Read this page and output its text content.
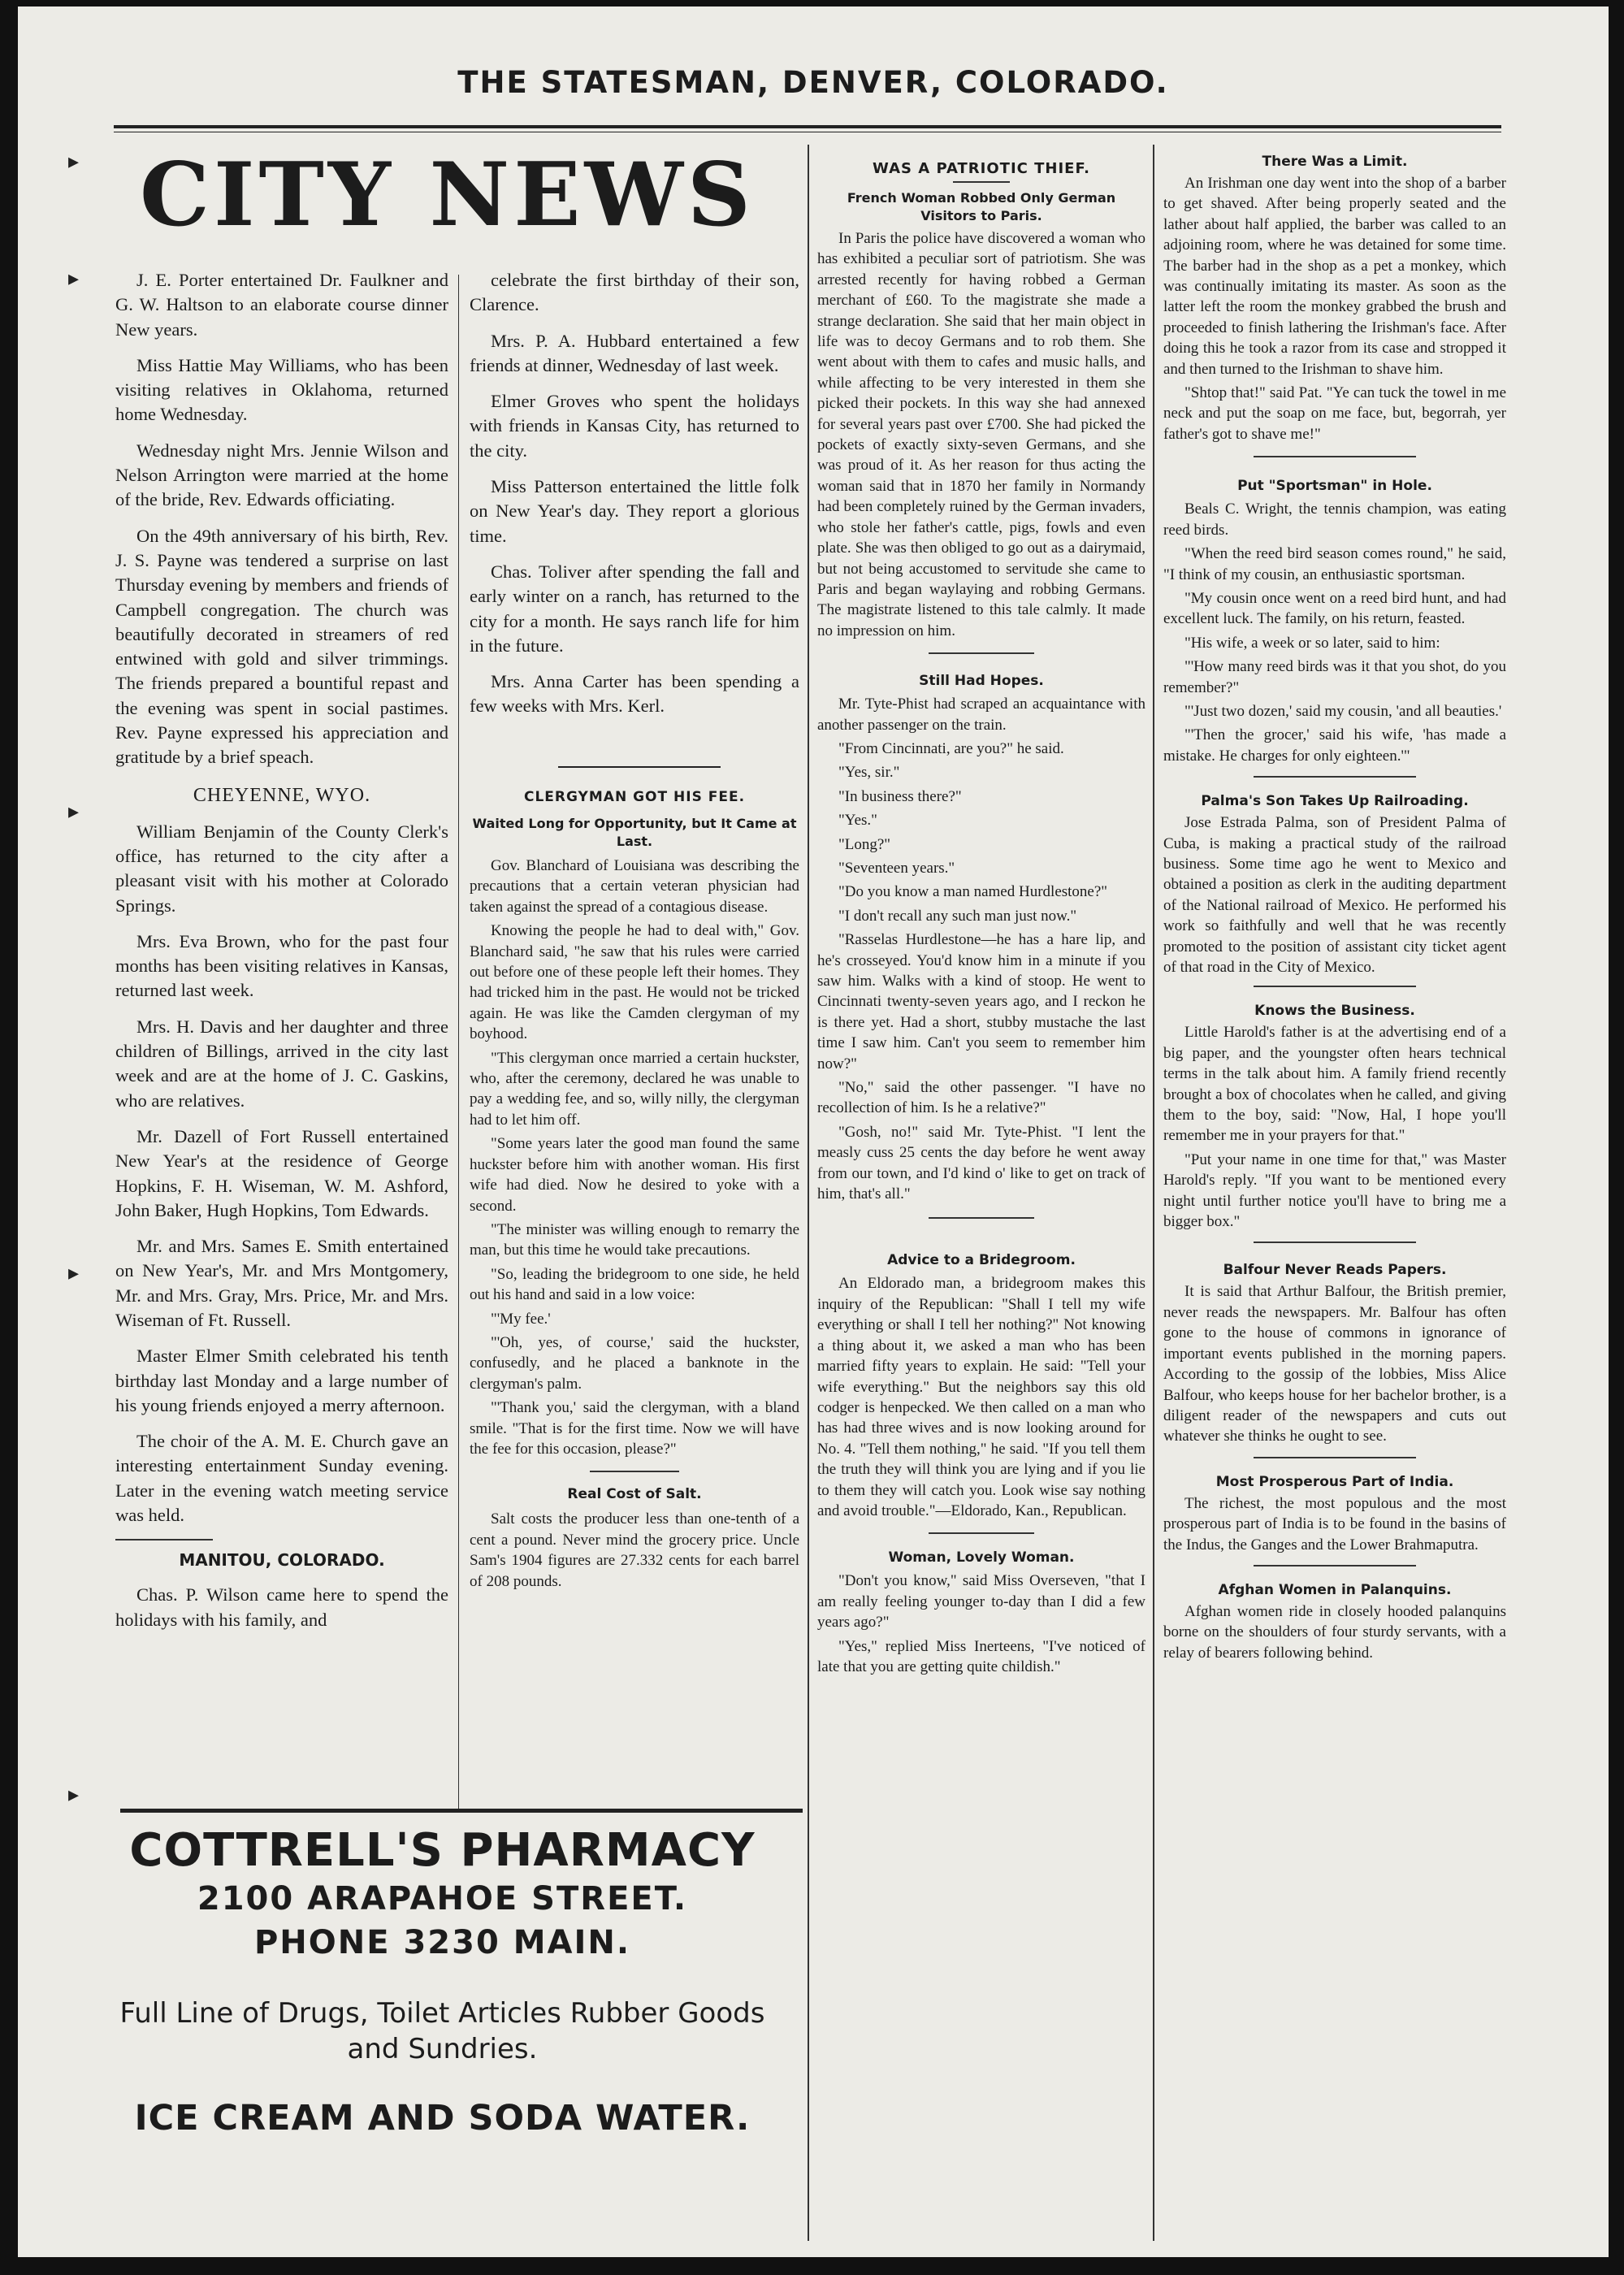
THE STATESMAN, DENVER, COLORADO.
CITY NEWS

J. E. Porter entertained Dr. Faulkner and G. W. Haltson to an elaborate course dinner New years.

Miss Hattie May Williams, who has been visiting relatives in Oklahoma, returned home Wednesday.

Wednesday night Mrs. Jennie Wilson and Nelson Arrington were married at the home of the bride, Rev. Edwards officiating.

On the 49th anniversary of his birth, Rev. J. S. Payne was tendered a surprise on last Thursday evening by members and friends of Campbell congregation. The church was beautifully decorated in streamers of red entwined with gold and silver trimmings. The friends prepared a bountiful repast and the evening was spent in social pastimes. Rev. Payne expressed his appreciation and gratitude by a brief speach.

CHEYENNE, WYO.

William Benjamin of the County Clerk's office, has returned to the city after a pleasant visit with his mother at Colorado Springs.

Mrs. Eva Brown, who for the past four months has been visiting relatives in Kansas, returned last week.

Mrs. H. Davis and her daughter and three children of Billings, arrived in the city last week and are at the home of J. C. Gaskins, who are relatives.

Mr. Dazell of Fort Russell entertained New Year's at the residence of George Hopkins, F. H. Wiseman, W. M. Ashford, John Baker, Hugh Hopkins, Tom Edwards.

Mr. and Mrs. Sames E. Smith entertained on New Year's, Mr. and Mrs Montgomery, Mr. and Mrs. Gray, Mrs. Price, Mr. and Mrs. Wiseman of Ft. Russell.

Master Elmer Smith celebrated his tenth birthday last Monday and a large number of his young friends enjoyed a merry afternoon.

The choir of the A. M. E. Church gave an interesting entertainment Sunday evening. Later in the evening watch meeting service was held.

MANITOU, COLORADO.

Chas. P. Wilson came here to spend the holidays with his family, and

celebrate the first birthday of their son, Clarence.

Mrs. P. A. Hubbard entertained a few friends at dinner, Wednesday of last week.

Elmer Groves who spent the holidays with friends in Kansas City, has returned to the city.

Miss Patterson entertained the little folk on New Year's day. They report a glorious time.

Chas. Toliver after spending the fall and early winter on a ranch, has returned to the city for a month. He says ranch life for him in the future.

Mrs. Anna Carter has been spending a few weeks with Mrs. Kerl.

CLERGYMAN GOT HIS FEE.
Waited Long for Opportunity, but It Came at Last.

Gov. Blanchard of Louisiana was describing the precautions that a certain veteran physician had taken against the spread of a contagious disease.

Knowing the people he had to deal with," Gov. Blanchard said, "he saw that his rules were carried out before one of these people left their homes. They had tricked him in the past. He would not be tricked again. He was like the Camden clergyman of my boyhood.

"This clergyman once married a certain huckster, who, after the ceremony, declared he was unable to pay a wedding fee, and so, willy nilly, the clergyman had to let him off.

"Some years later the good man found the same huckster before him with another woman. His first wife had died. Now he desired to yoke with a second.

"The minister was willing enough to remarry the man, but this time he would take precautions.

"So, leading the bridegroom to one side, he held out his hand and said in a low voice:

"'My fee.'

"'Oh, yes, of course,' said the huckster, confusedly, and he placed a banknote in the clergyman's palm.

"'Thank you,' said the clergyman, with a bland smile. "That is for the first time. Now we will have the fee for this occasion, please?"

Real Cost of Salt.

Salt costs the producer less than one-tenth of a cent a pound. Never mind the grocery price. Uncle Sam's 1904 figures are 27.332 cents for each barrel of 208 pounds.

WAS A PATRIOTIC THIEF.
French Woman Robbed Only German Visitors to Paris.

In Paris the police have discovered a woman who has exhibited a peculiar sort of patriotism. She was arrested recently for having robbed a German merchant of £60. To the magistrate she made a strange declaration. She said that her main object in life was to decoy Germans and to rob them. She went about with them to cafes and music halls, and while affecting to be very interested in them she picked their pockets. In this way she had annexed for several years past over £700. She had picked the pockets of exactly sixty-seven Germans, and she was proud of it. As her reason for thus acting the woman said that in 1870 her family in Normandy had been completely ruined by the German invaders, who stole her father's cattle, pigs, fowls and even plate. She was then obliged to go out as a dairymaid, but not being accustomed to servitude she came to Paris and began waylaying and robbing Germans. The magistrate listened to this tale calmly. It made no impression on him.

Still Had Hopes.

Mr. Tyte-Phist had scraped an acquaintance with another passenger on the train.

"From Cincinnati, are you?" he said.

"Yes, sir."

"In business there?"

"Yes."

"Long?"

"Seventeen years."

"Do you know a man named Hurdlestone?"

"I don't recall any such man just now."

"Rasselas Hurdlestone—he has a hare lip, and he's crosseyed. You'd know him in a minute if you saw him. Walks with a kind of stoop. He went to Cincinnati twenty-seven years ago, and I reckon he is there yet. Had a short, stubby mustache the last time I saw him. Can't you seem to remember him now?"

"No," said the other passenger. "I have no recollection of him. Is he a relative?"

"Gosh, no!" said Mr. Tyte-Phist. "I lent the measly cuss 25 cents the day before he went away from our town, and I'd kind o' like to get on track of him, that's all."

Advice to a Bridegroom.

An Eldorado man, a bridegroom makes this inquiry of the Republican: "Shall I tell my wife everything or shall I tell her nothing?" Not knowing a thing about it, we asked a man who has been married fifty years to explain. He said: "Tell your wife everything." But the neighbors say this old codger is henpecked. We then called on a man who has had three wives and is now looking around for No. 4. "Tell them nothing," he said. "If you tell them the truth they will think you are lying and if you lie to them they will catch you. Look wise say nothing and avoid trouble."—Eldorado, Kan., Republican.

Woman, Lovely Woman.

"Don't you know," said Miss Overseven, "that I am really feeling younger to-day than I did a few years ago?"

"Yes," replied Miss Inerteens, "I've noticed of late that you are getting quite childish."

There Was a Limit.

An Irishman one day went into the shop of a barber to get shaved. After being properly seated and the lather about half applied, the barber was called to an adjoining room, where he was detained for some time. The barber had in the shop as a pet a monkey, which was continually imitating its master. As soon as the latter left the room the monkey grabbed the brush and proceeded to finish lathering the Irishman's face. After doing this he took a razor from its case and stropped it and then turned to the Irishman to shave him.

"Shtop that!" said Pat. "Ye can tuck the towel in me neck and put the soap on me face, but, begorrah, yer father's got to shave me!"

Put "Sportsman" in Hole.

Beals C. Wright, the tennis champion, was eating reed birds.

"When the reed bird season comes round," he said, "I think of my cousin, an enthusiastic sportsman.

"My cousin once went on a reed bird hunt, and had excellent luck. The family, on his return, feasted.

"His wife, a week or so later, said to him:

"'How many reed birds was it that you shot, do you remember?"

"'Just two dozen,' said my cousin, 'and all beauties.'

"'Then the grocer,' said his wife, 'has made a mistake. He charges for only eighteen.'"

Palma's Son Takes Up Railroading.

Jose Estrada Palma, son of President Palma of Cuba, is making a practical study of the railroad business. Some time ago he went to Mexico and obtained a position as clerk in the auditing department of the National railroad of Mexico. He performed his work so faithfully and well that he was recently promoted to the position of assistant city ticket agent of that road in the City of Mexico.

Knows the Business.

Little Harold's father is at the advertising end of a big paper, and the youngster often hears technical terms in the talk about him. A family friend recently brought a box of chocolates when he called, and giving them to the boy, said: "Now, Hal, I hope you'll remember me in your prayers for that."

"Put your name in one time for that," was Master Harold's reply. "If you want to be mentioned every night until further notice you'll have to bring me a bigger box."

Balfour Never Reads Papers.

It is said that Arthur Balfour, the British premier, never reads the newspapers. Mr. Balfour has often gone to the house of commons in ignorance of important events published in the morning papers. According to the gossip of the lobbies, Miss Alice Balfour, who keeps house for her bachelor brother, is a diligent reader of the newspapers and cuts out whatever she thinks he ought to see.

Most Prosperous Part of India.

The richest, the most populous and the most prosperous part of India is to be found in the basins of the Indus, the Ganges and the Lower Brahmaputra.

Afghan Women in Palanquins.

Afghan women ride in closely hooded palanquins borne on the shoulders of four sturdy servants, with a relay of bearers following behind.

COTTRELL'S PHARMACY
2100 ARAPAHOE STREET.
PHONE 3230 MAIN.
Full Line of Drugs, Toilet Articles Rubber Goods and Sundries.
ICE CREAM AND SODA WATER.
▸
▸
▸
▸
▸
